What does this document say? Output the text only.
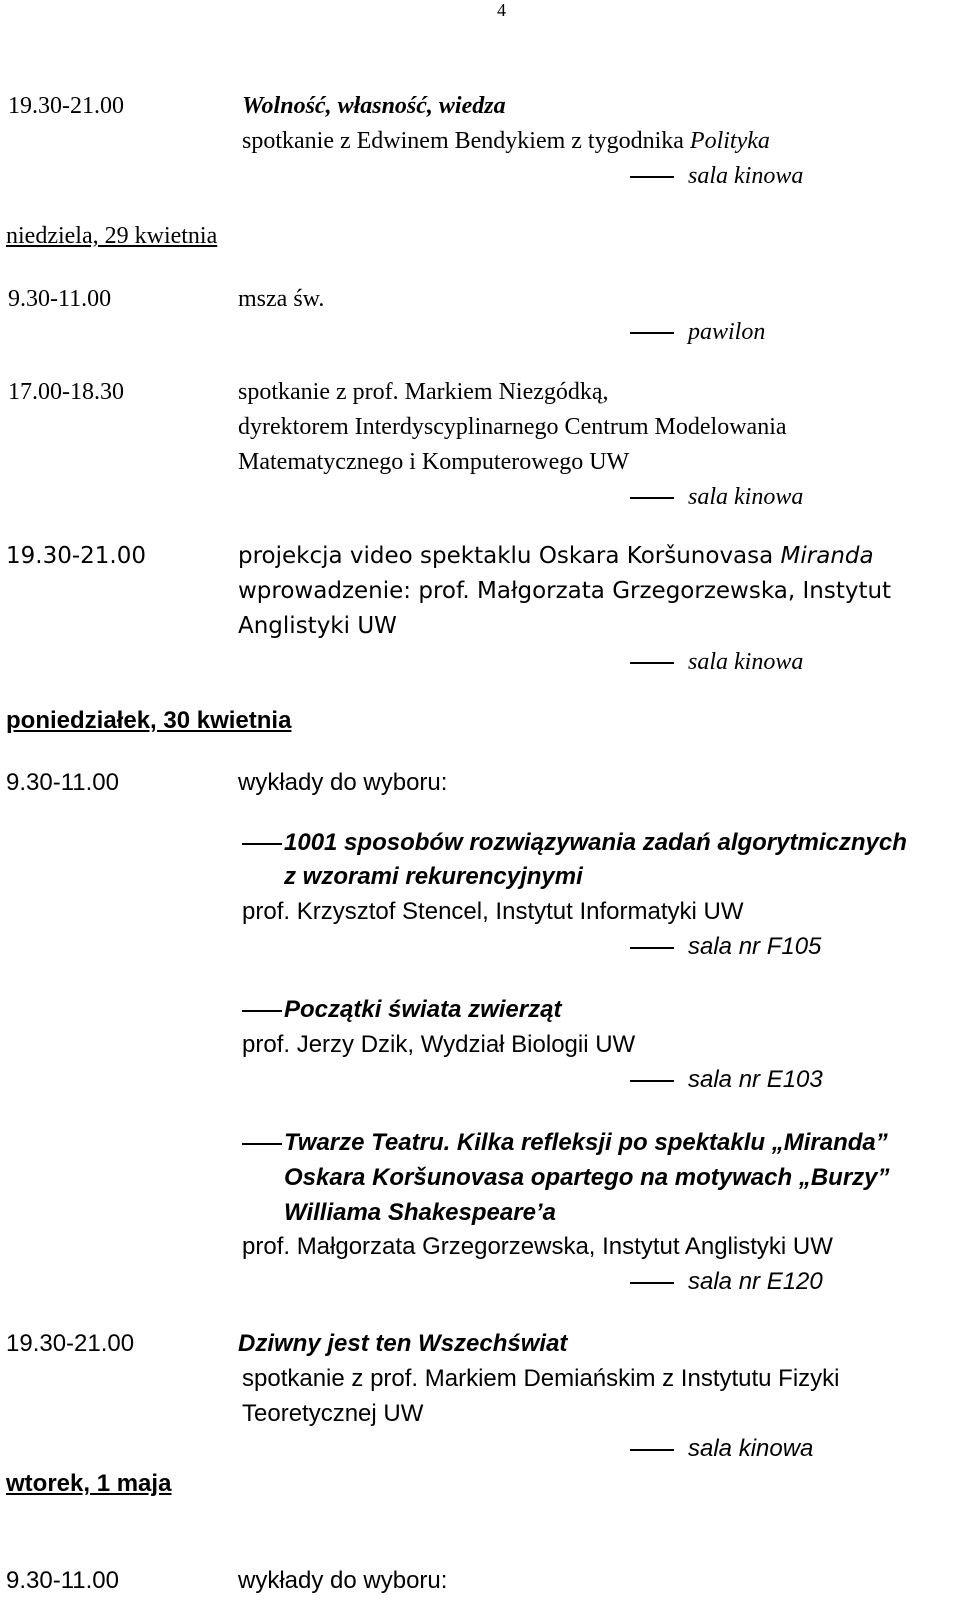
4
19.30-21.00	Wolność, własność, wiedza
spotkanie z Edwinem Bendykiem z tygodnika Polityka
sala kinowa
niedziela, 29 kwietnia
9.30-11.00	msza św.
pawilon
17.00-18.30	spotkanie z prof. Markiem Niezgódką,
dyrektorem Interdyscyplinarnego Centrum Modelowania
Matematycznego i Komputerowego UW
sala kinowa
19.30-21.00	projekcja video spektaklu Oskara Koršunovasa Miranda
wprowadzenie: prof. Małgorzata Grzegorzewska, Instytut
Anglistyki UW
sala kinowa
poniedziałek, 30 kwietnia
9.30-11.00	wykłady do wyboru:
1001 sposobów rozwiązywania zadań algorytmicznych
z wzorami rekurencyjnymi
prof. Krzysztof Stencel, Instytut Informatyki UW
sala nr F105
Początki świata zwierząt
prof. Jerzy Dzik, Wydział Biologii UW
sala nr E103
Twarze Teatru. Kilka refleksji po spektaklu „Miranda”
Oskara Koršunovasa opartego na motywach „Burzy”
Williama Shakespeare’a
prof. Małgorzata Grzegorzewska, Instytut Anglistyki UW
sala nr E120
19.30-21.00	Dziwny jest ten Wszechświat
spotkanie z prof. Markiem Demiańskim z Instytutu Fizyki
Teoretycznej UW
sala kinowa
wtorek, 1 maja
9.30-11.00	wykłady do wyboru:
